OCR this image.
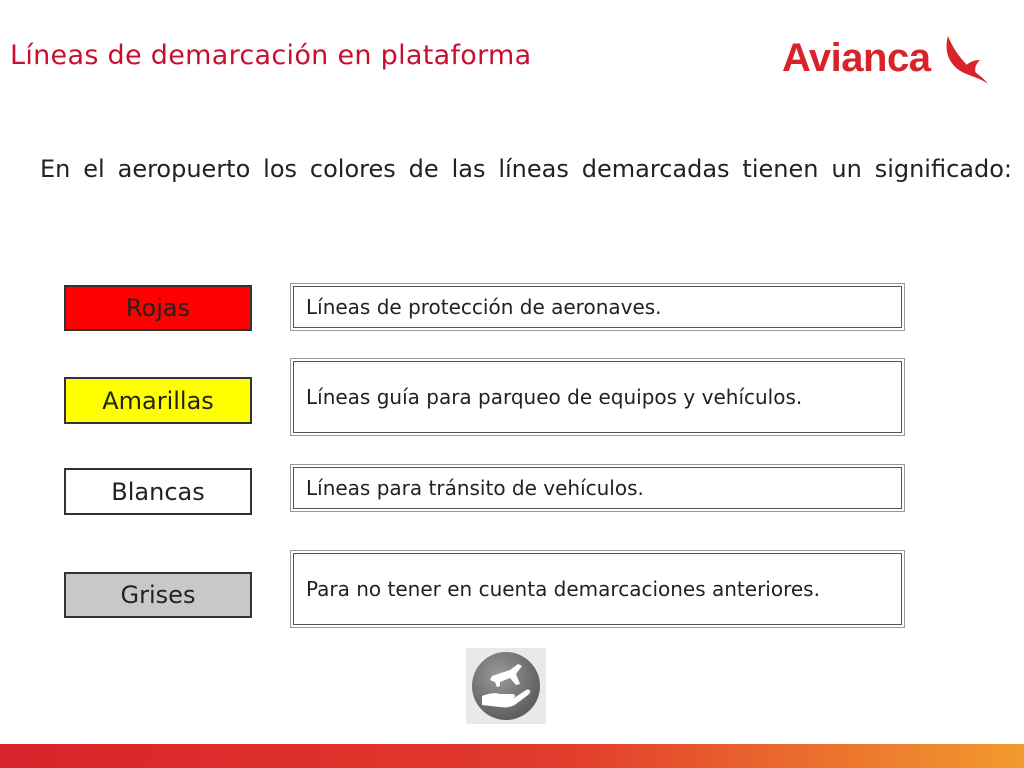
Líneas de demarcación en plataforma	Avianca

En el aeropuerto los colores de las líneas demarcadas tienen un significado:

Rojas	Líneas de protección de aeronaves.
Amarillas	Líneas guía para parqueo de equipos y vehículos.
Blancas	Líneas para tránsito de vehículos.
Grises	Para no tener en cuenta demarcaciones anteriores.
